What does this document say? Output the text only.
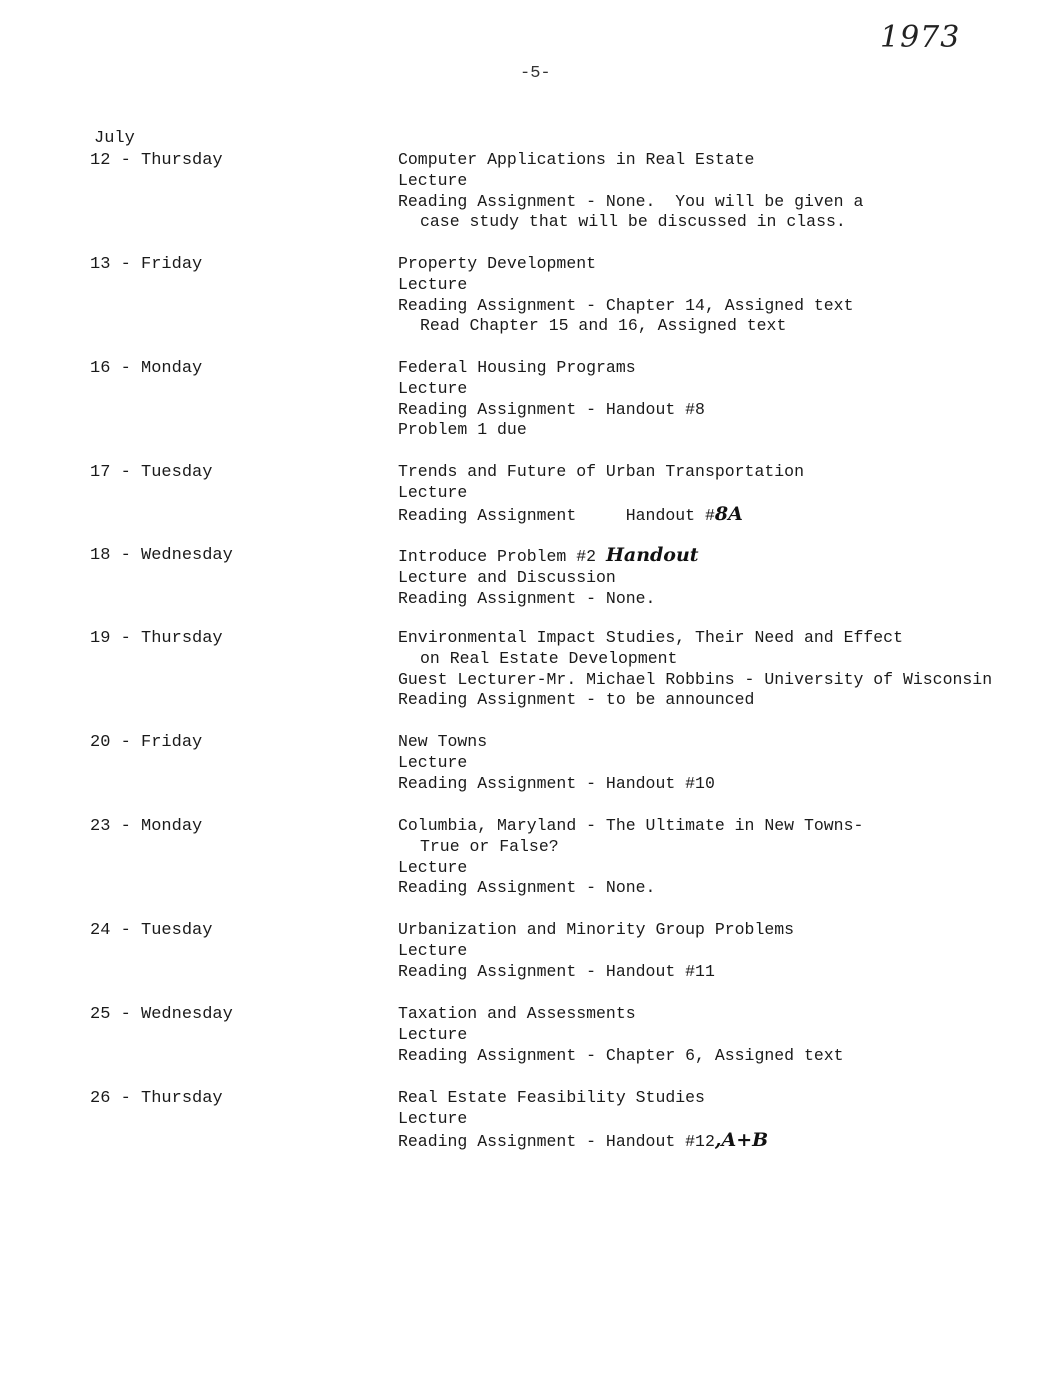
1973
-5-
July
12 - Thursday	Computer Applications in Real Estate
Lecture
Reading Assignment - None.  You will be given a
case study that will be discussed in class.
13 - Friday	Property Development
Lecture
Reading Assignment - Chapter 14, Assigned text
Read Chapter 15 and 16, Assigned text
16 - Monday	Federal Housing Programs
Lecture
Reading Assignment - Handout #8
Problem 1 due
17 - Tuesday	Trends and Future of Urban Transportation
Lecture
Reading Assignment     Handout #8A
18 - Wednesday	Introduce Problem #2 Handout
Lecture and Discussion
Reading Assignment - None.
19 - Thursday	Environmental Impact Studies, Their Need and Effect
on Real Estate Development
Guest Lecturer-Mr. Michael Robbins - University of Wisconsin
Reading Assignment - to be announced
20 - Friday	New Towns
Lecture
Reading Assignment - Handout #10
23 - Monday	Columbia, Maryland - The Ultimate in New Towns-
True or False?
Lecture
Reading Assignment - None.
24 - Tuesday	Urbanization and Minority Group Problems
Lecture
Reading Assignment - Handout #11
25 - Wednesday	Taxation and Assessments
Lecture
Reading Assignment - Chapter 6, Assigned text
26 - Thursday	Real Estate Feasibility Studies
Lecture
Reading Assignment - Handout #12,A+B
